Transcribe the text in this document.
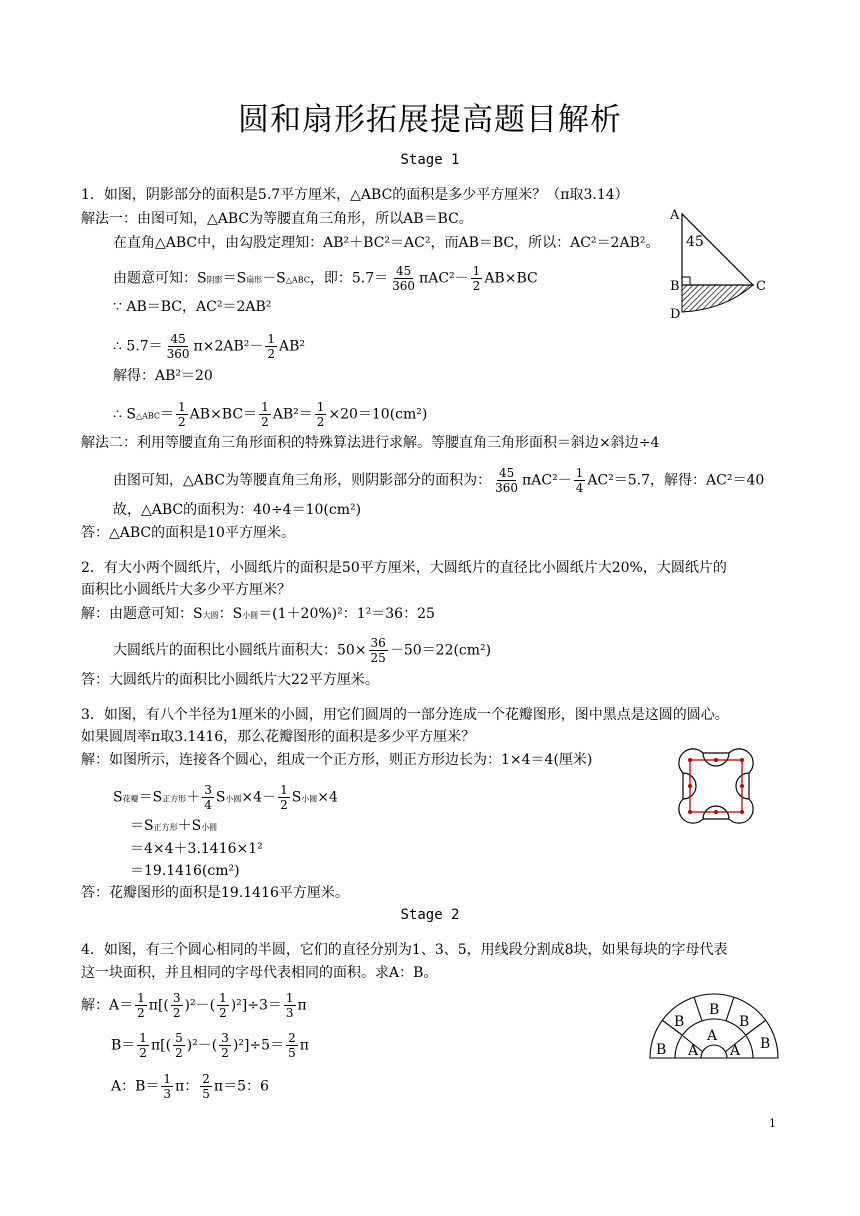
圆和扇形拓展提高题目解析
Stage 1
1．如图，阴影部分的面积是5.7平方厘米，△ABC的面积是多少平方厘米？（π取3.14）
解法一：由图可知，△ABC为等腰直角三角形，所以AB＝BC。
在直角△ABC中，由勾股定理知：AB²＋BC²＝AC²，而AB＝BC，所以：AC²＝2AB²。
由题意可知：S阴影＝S扇形－S△ABC，即：$5.7= \frac{45}{360} \pi AC^2- \frac{1}{2} AB\times BC$
∵ AB＝BC，AC²＝2AB²
∴ $5.7= \frac{45}{360} \pi\times 2AB^2- \frac{1}{2} AB^2$
解得：AB²＝20
∴ S△ABC＝ $\frac{1}{2} AB\times BC= \frac{1}{2} AB^2= \frac{1}{2} \times 20=10(cm^2)$
解法二：利用等腰直角三角形面积的特殊算法进行求解。等腰直角三角形面积＝斜边×斜边÷4
由图可知，△ABC为等腰直角三角形，则阴影部分的面积为： $\frac{45}{360} \pi AC^2- \frac{1}{4} AC^2=5.7$，解得：AC²＝40
故，△ABC的面积为：40÷4＝10(cm²)
答：△ABC的面积是10平方厘米。
A
45
B	C
D
2．有大小两个圆纸片，小圆纸片的面积是50平方厘米，大圆纸片的直径比小圆纸片大20%，大圆纸片的
面积比小圆纸片大多少平方厘米？
解：由题意可知：S大圆：S小圆＝(1＋20%)²：1²＝36：25
大圆纸片的面积比小圆纸片面积大：$50\times \frac{36}{25} -50=22(cm^2)$
答：大圆纸片的面积比小圆纸片大22平方厘米。
3．如图，有八个半径为1厘米的小圆，用它们圆周的一部分连成一个花瓣图形，图中黑点是这圆的圆心。
如果圆周率π取3.1416，那么花瓣图形的面积是多少平方厘米？
解：如图所示，连接各个圆心，组成一个正方形，则正方形边长为：1×4＝4(厘米)
S花瓣＝S正方形＋ $\frac{3}{4}$ S小圆$\times 4- \frac{1}{2}$ S小圆×4
＝S正方形＋S小圆
＝4×4＋3.1416×1²
＝19.1416(cm²)
答：花瓣图形的面积是19.1416平方厘米。
Stage 2
4．如图，有三个圆心相同的半圆，它们的直径分别为1、3、5，用线段分割成8块，如果每块的字母代表
这一块面积，并且相同的字母代表相同的面积。求A：B。
解：$A= \frac{1}{2} \pi[( \frac{3}{2} )^2-( \frac{1}{2} )^2]\div 3= \frac{1}{3}$ π
$B= \frac{1}{2} \pi[( \frac{5}{2} )^2-( \frac{3}{2} )^2]\div 5= \frac{2}{5}$ π
A：$B= \frac{1}{3}$ π： $\frac{2}{5} \pi=5$：6
B
B
B
B
B
A
A
A
1
